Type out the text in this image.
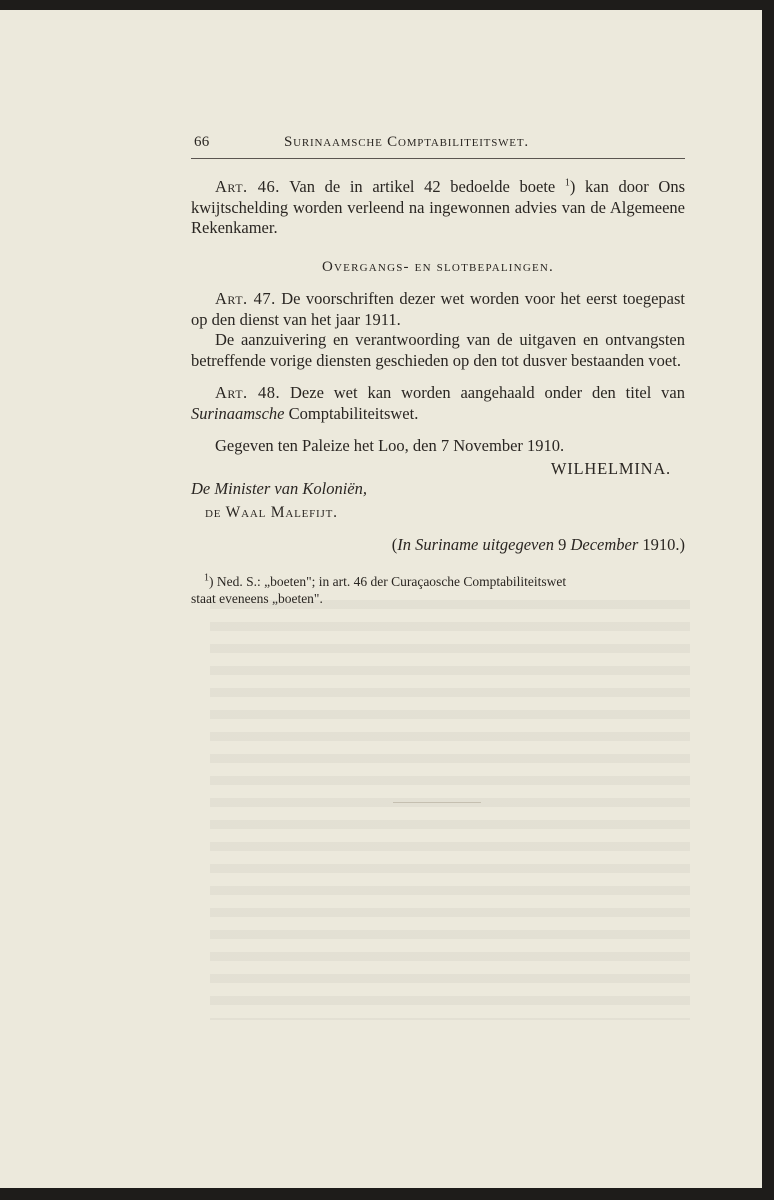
66	Surinaamsche Comptabiliteitswet.

Art. 46. Van de in artikel 42 bedoelde boete $^1$) kan door Ons kwijtschelding worden verleend na ingewonnen advies van de Algemeene Rekenkamer.

Overgangs- en slotbepalingen.

Art. 47. De voorschriften dezer wet worden voor het eerst toegepast op den dienst van het jaar 1911.

De aanzuivering en verantwoording van de uitgaven en ontvangsten betreffende vorige diensten geschieden op den tot dusver bestaanden voet.

Art. 48. Deze wet kan worden aangehaald onder den titel van Surinaamsche Comptabiliteitswet.

Gegeven ten Paleize het Loo, den 7 November 1910.

WILHELMINA.

De Minister van Koloniën,

de Waal Malefijt.

(In Suriname uitgegeven 9 December 1910.)

$^1$) Ned. S.: „boeten"; in art. 46 der Curaçaosche Comptabiliteitswet

staat eveneens „boeten".
